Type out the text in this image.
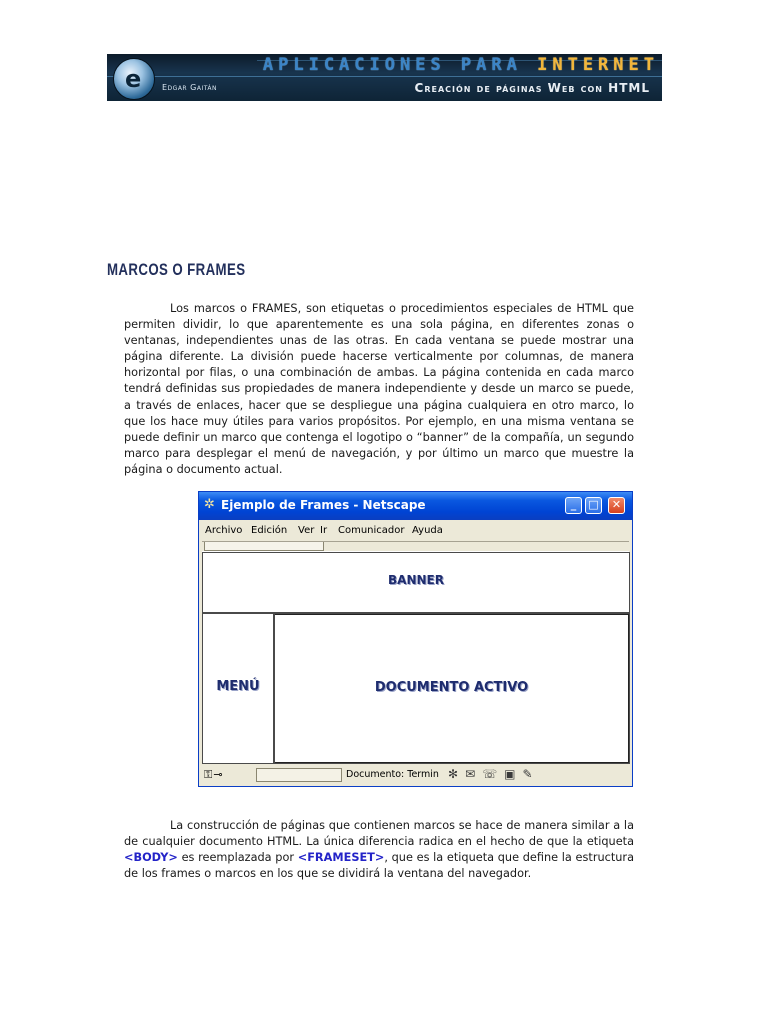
e	APLICACIONES PARA INTERNET
Edgar Gaitán	Creación de páginas Web con HTML
MARCOS O FRAMES

Los marcos o FRAMES, son etiquetas o procedimientos especiales de HTML que permiten dividir, lo que aparentemente es una sola página, en diferentes zonas o ventanas, independientes unas de las otras. En cada ventana se puede mostrar una página diferente. La división puede hacerse verticalmente por columnas, de manera horizontal por filas, o una combinación de ambas. La página contenida en cada marco tendrá definidas sus propiedades de manera independiente y desde un marco se puede, a través de enlaces, hacer que se despliegue una página cualquiera en otro marco, lo que los hace muy útiles para varios propósitos. Por ejemplo, en una misma ventana se puede definir un marco que contenga el logotipo o “banner” de la compañía, un segundo marco para desplegar el menú de navegación, y por último un marco que muestre la página o documento actual.

✲ Ejemplo de Frames - Netscape	_	□	✕
Archivo Edición Ver Ir Comunicador Ayuda
BANNER
MENÚ	DOCUMENTO ACTIVO
⚿⊸	Documento: Termin ✻✉☏▣✎

La construcción de páginas que contienen marcos se hace de manera similar a la de cualquier documento HTML. La única diferencia radica en el hecho de que la etiqueta <BODY> es reemplazada por <FRAMESET>, que es la etiqueta que define la estructura de los frames o marcos en los que se dividirá la ventana del navegador.
